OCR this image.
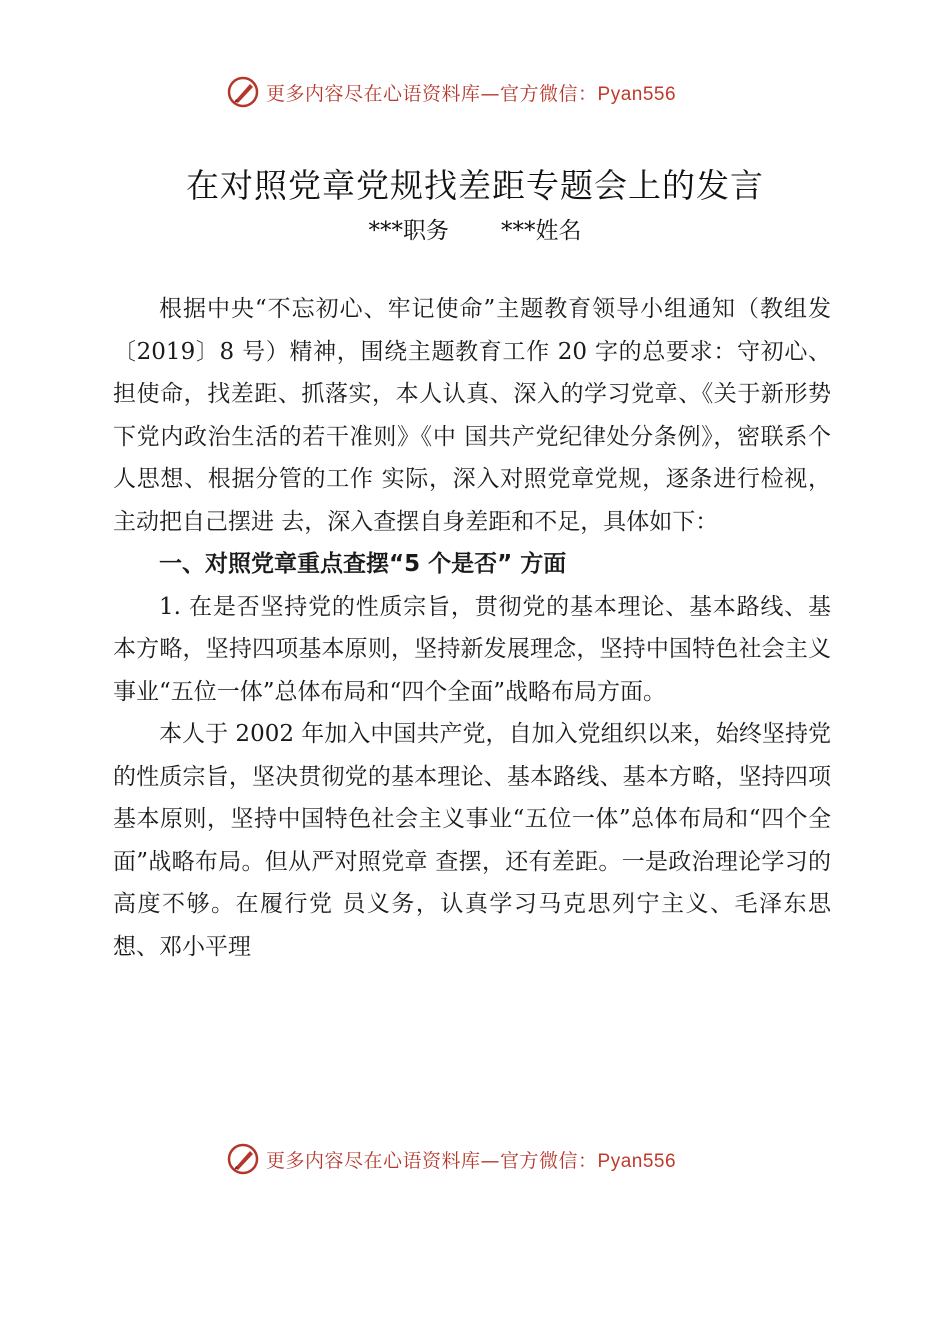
更多内容尽在心语资料库—官方微信：Pyan556
在对照党章党规找差距专题会上的发言
***职务 ***姓名

根据中央“不忘初心、牢记使命”主题教育领导小组通知（教组发〔2019〕8 号）精神，围绕主题教育工作 20 字的总要求：守初心、担使命，找差距、抓落实，本人认真、深入的学习党章、《关于新形势下党内政治生活的若干准则》《中 国共产党纪律处分条例》，密联系个人思想、根据分管的工作 实际，深入对照党章党规，逐条进行检视，主动把自己摆进 去，深入查摆自身差距和不足，具体如下：

一、对照党章重点查摆“5 个是否” 方面

1. 在是否坚持党的性质宗旨，贯彻党的基本理论、基本路线、基本方略，坚持四项基本原则，坚持新发展理念，坚持中国特色社会主义事业“五位一体”总体布局和“四个全面”战略布局方面。

本人于 2002 年加入中国共产党，自加入党组织以来，始终坚持党的性质宗旨，坚决贯彻党的基本理论、基本路线、基本方略，坚持四项基本原则，坚持中国特色社会主义事业“五位一体”总体布局和“四个全面”战略布局。但从严对照党章 查摆，还有差距。一是政治理论学习的高度不够。在履行党 员义务，认真学习马克思列宁主义、毛泽东思想、邓小平理

更多内容尽在心语资料库—官方微信：Pyan556
